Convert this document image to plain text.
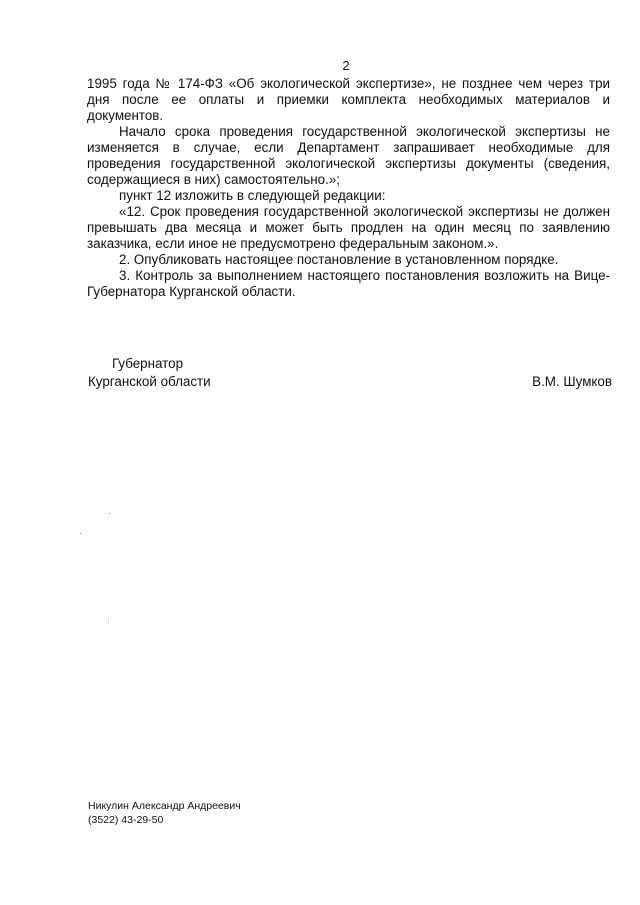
2

1995 года № 174-ФЗ «Об экологической экспертизе», не позднее чем через три дня после ее оплаты и приемки комплекта необходимых материалов и документов.

Начало срока проведения государственной экологической экспертизы не изменяется в случае, если Департамент запрашивает необходимые для проведения государственной экологической экспертизы документы (сведения, содержащиеся в них) самостоятельно.»;

пункт 12 изложить в следующей редакции:

«12. Срок проведения государственной экологической экспертизы не должен превышать два месяца и может быть продлен на один месяц по заявлению заказчика, если иное не предусмотрено федеральным законом.».

2. Опубликовать настоящее постановление в установленном порядке.

3. Контроль за выполнением настоящего постановления возложить на Вице-Губернатора Курганской области.

Губернатор
Курганской области	В.М. Шумков
Никулин Александр Андреевич
(3522) 43-29-50
